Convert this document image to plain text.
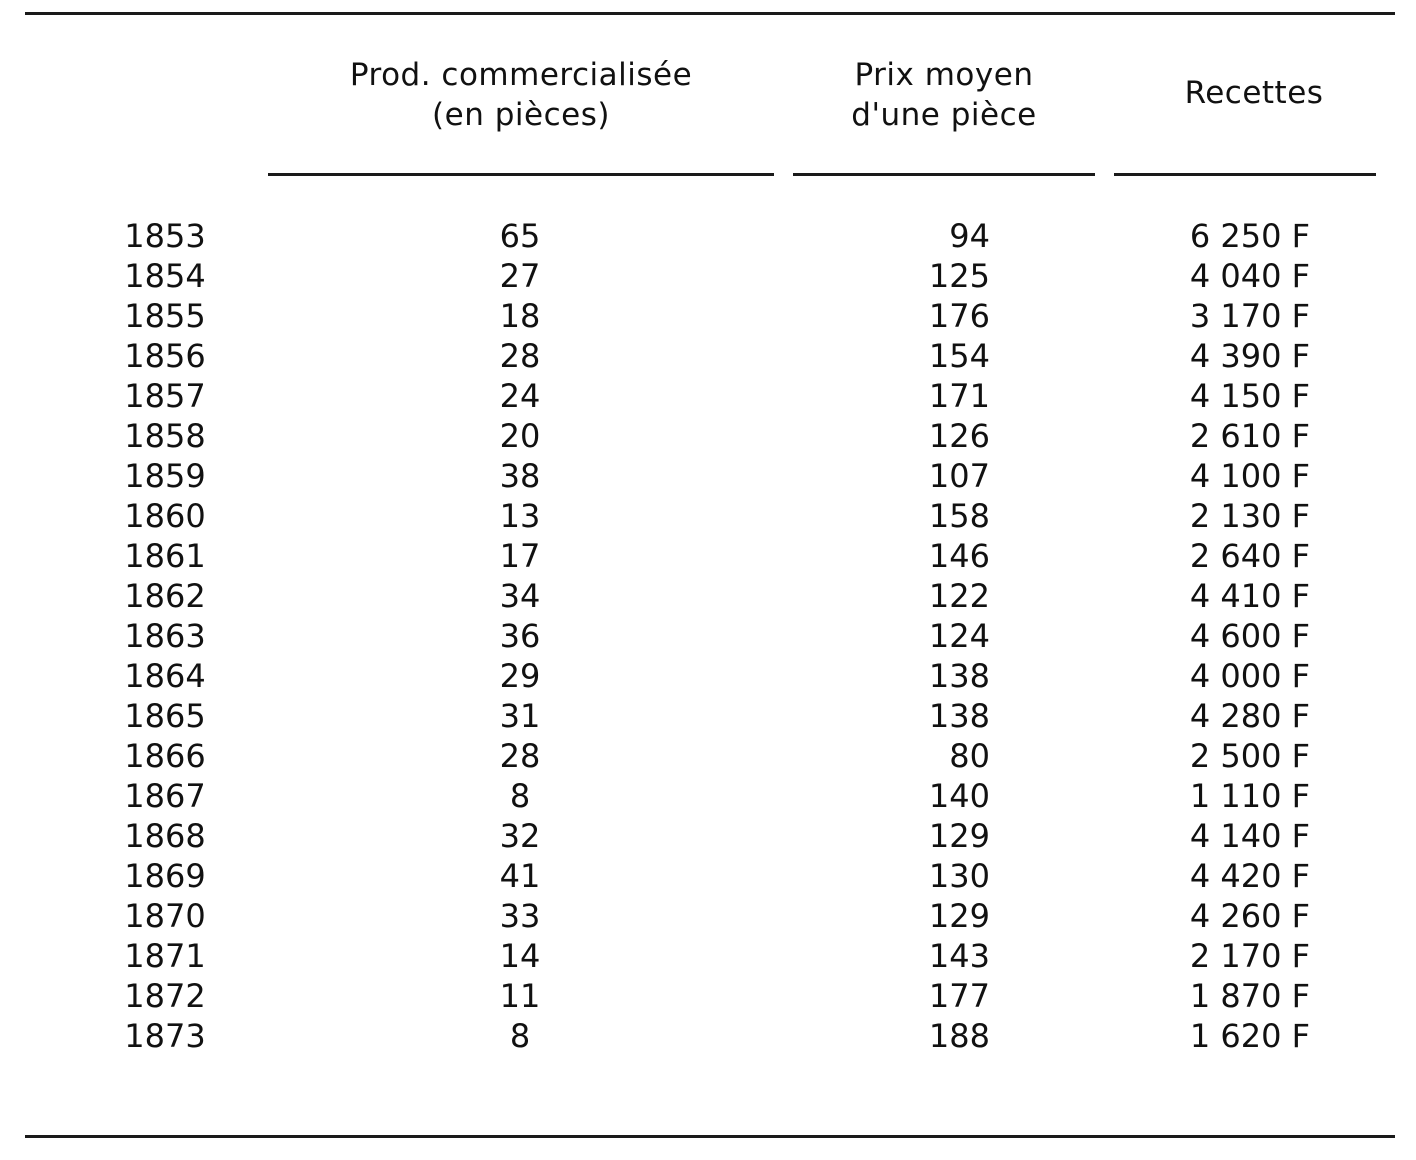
Prod. commercialisée
(en pièces)
Prix moyen
d'une pièce
Recettes
1853	65	94	6 250 F
1854	27	125	4 040 F
1855	18	176	3 170 F
1856	28	154	4 390 F
1857	24	171	4 150 F
1858	20	126	2 610 F
1859	38	107	4 100 F
1860	13	158	2 130 F
1861	17	146	2 640 F
1862	34	122	4 410 F
1863	36	124	4 600 F
1864	29	138	4 000 F
1865	31	138	4 280 F
1866	28	80	2 500 F
1867	8	140	1 110 F
1868	32	129	4 140 F
1869	41	130	4 420 F
1870	33	129	4 260 F
1871	14	143	2 170 F
1872	11	177	1 870 F
1873	8	188	1 620 F
